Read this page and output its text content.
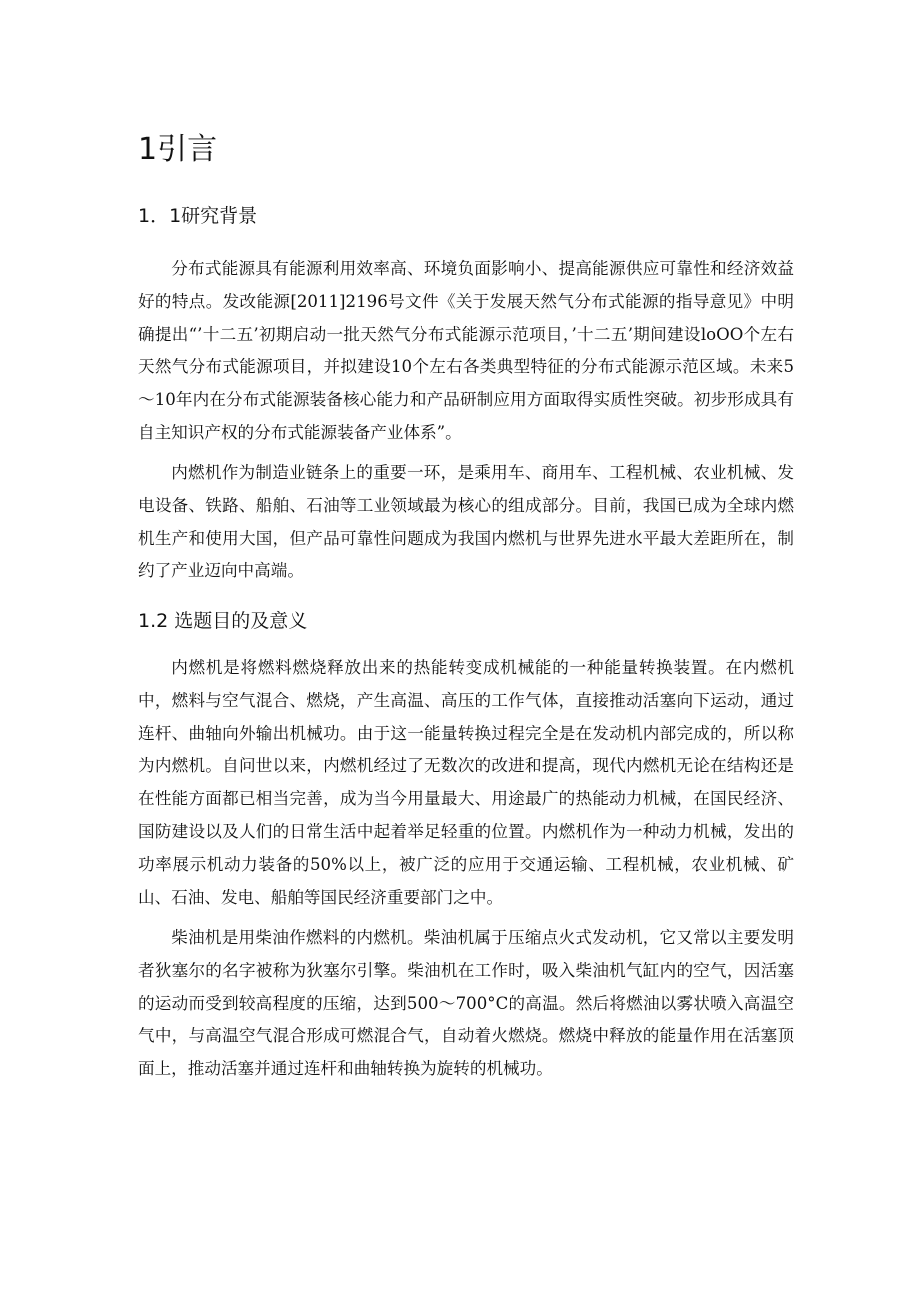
1引言
1．1研究背景

分布式能源具有能源利用效率高、环境负面影响小、提高能源供应可靠性和经济效益好的特点。发改能源[2011]2196号文件《关于发展天然气分布式能源的指导意见》中明确提出“’十二五’初期启动一批天然气分布式能源示范项目，’十二五’期间建设loOO个左右天然气分布式能源项目，并拟建设10个左右各类典型特征的分布式能源示范区域。未来5～10年内在分布式能源装备核心能力和产品研制应用方面取得实质性突破。初步形成具有自主知识产权的分布式能源装备产业体系”。

内燃机作为制造业链条上的重要一环，是乘用车、商用车、工程机械、农业机械、发电设备、铁路、船舶、石油等工业领域最为核心的组成部分。目前，我国已成为全球内燃机生产和使用大国，但产品可靠性问题成为我国内燃机与世界先进水平最大差距所在，制约了产业迈向中高端。

1.2 选题目的及意义

内燃机是将燃料燃烧释放出来的热能转变成机械能的一种能量转换装置。在内燃机中，燃料与空气混合、燃烧，产生高温、高压的工作气体，直接推动活塞向下运动，通过连杆、曲轴向外输出机械功。由于这一能量转换过程完全是在发动机内部完成的，所以称为内燃机。自问世以来，内燃机经过了无数次的改进和提高，现代内燃机无论在结构还是在性能方面都已相当完善，成为当今用量最大、用途最广的热能动力机械，在国民经济、国防建设以及人们的日常生活中起着举足轻重的位置。内燃机作为一种动力机械，发出的功率展示机动力装备的50%以上，被广泛的应用于交通运输、工程机械，农业机械、矿山、石油、发电、船舶等国民经济重要部门之中。

柴油机是用柴油作燃料的内燃机。柴油机属于压缩点火式发动机，它又常以主要发明者狄塞尔的名字被称为狄塞尔引擎。柴油机在工作时，吸入柴油机气缸内的空气，因活塞的运动而受到较高程度的压缩，达到500～700°C的高温。然后将燃油以雾状喷入高温空气中，与高温空气混合形成可燃混合气，自动着火燃烧。燃烧中释放的能量作用在活塞顶面上，推动活塞并通过连杆和曲轴转换为旋转的机械功。
